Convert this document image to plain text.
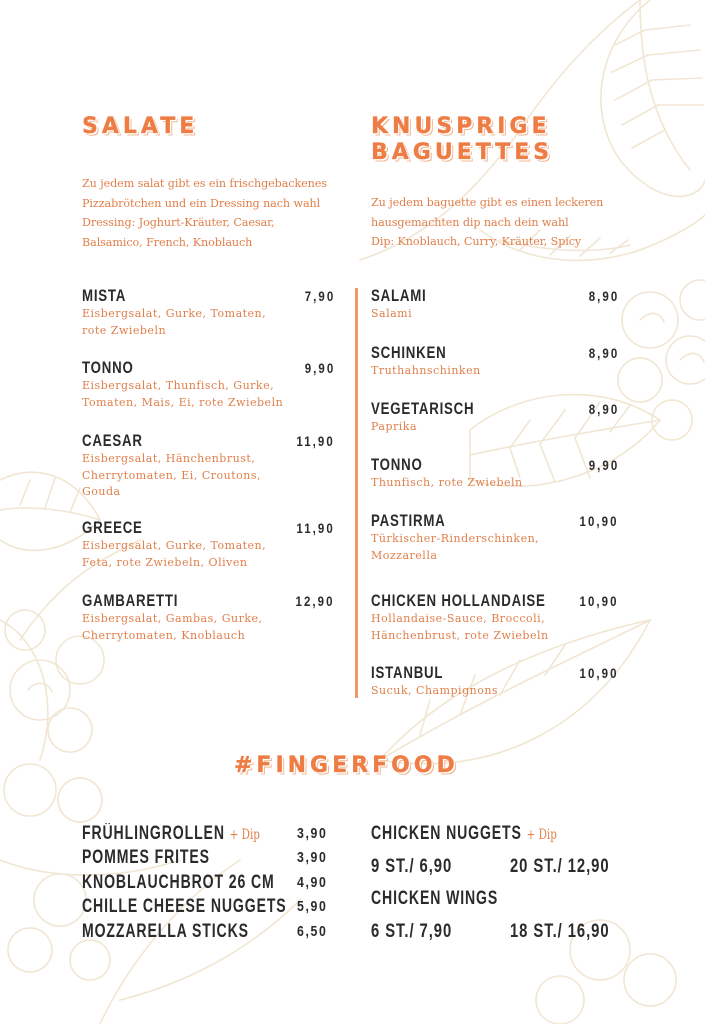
SALATE
Zu jedem salat gibt es ein frischgebackenes
Pizzabrötchen und ein Dressing nach wahl
Dressing: Joghurt-Kräuter, Caesar,
Balsamico, French, Knoblauch
MISTA	7,90
Eisbergsalat, Gurke, Tomaten,
rote Zwiebeln
TONNO	9,90
Eisbergsalat, Thunfisch, Gurke,
Tomaten, Mais, Ei, rote Zwiebeln
CAESAR	11,90
Eisbergsalat, Hänchenbrust,
Cherrytomaten, Ei, Croutons,
Gouda
GREECE	11,90
Eisbergsalat, Gurke, Tomaten,
Feta, rote Zwiebeln, Oliven
GAMBARETTI	12,90
Eisbergsalat, Gambas, Gurke,
Cherrytomaten, Knoblauch
KNUSPRIGE
BAGUETTES
Zu jedem baguette gibt es einen leckeren
hausgemachten dip nach dein wahl
Dip: Knoblauch, Curry, Kräuter, Spicy
SALAMI	8,90
Salami
SCHINKEN	8,90
Truthahnschinken
VEGETARISCH	8,90
Paprika
TONNO	9,90
Thunfisch, rote Zwiebeln
PASTIRMA	10,90
Türkischer-Rinderschinken,
Mozzarella
CHICKEN HOLLANDAISE	10,90
Hollandaise-Sauce, Broccoli,
Hänchenbrust, rote Zwiebeln
ISTANBUL	10,90
Sucuk, Champignons
#FINGERFOOD
FRÜHLINGROLLEN + Dip	3,90
POMMES FRITES	3,90
KNOBLAUCHBROT 26 CM	4,90
CHILLE CHEESE NUGGETS 5,90
MOZZARELLA STICKS	6,50
CHICKEN NUGGETS + Dip
9 ST./ 6,90	20 ST./ 12,90
CHICKEN WINGS
6 ST./ 7,90	18 ST./ 16,90
